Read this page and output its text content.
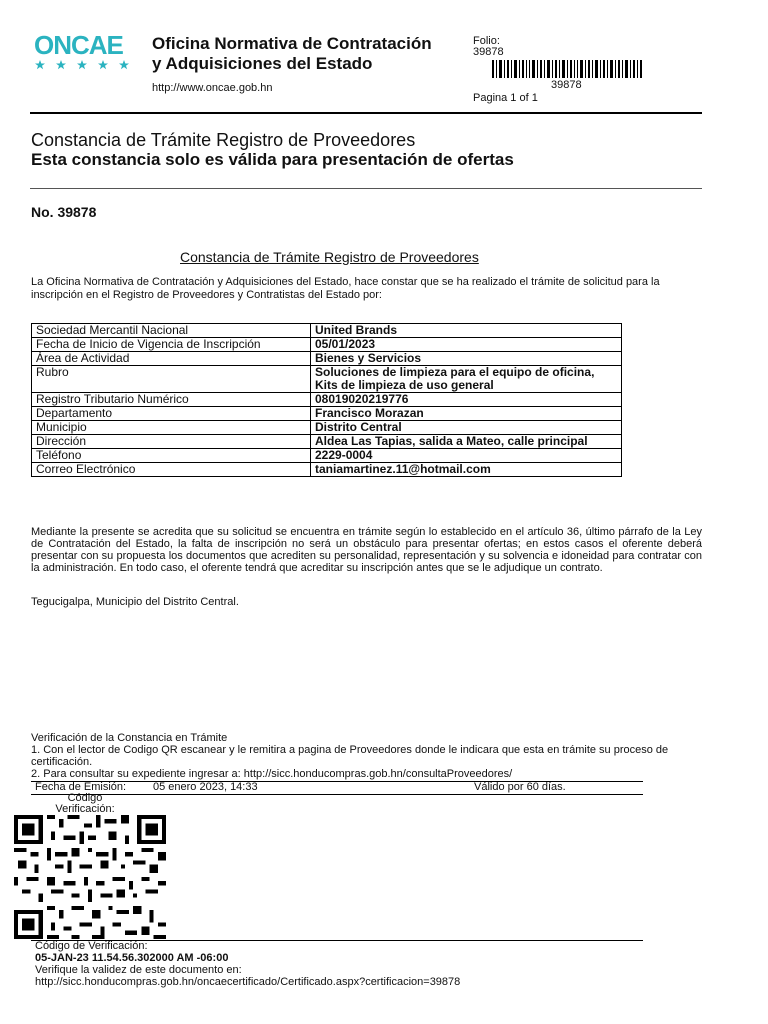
ONCAE Oficina Normativa de Contratación
y Adquisiciones del Estado
http://www.oncae.gob.hn
Folio:
39878
39878
Pagina 1 of 1
Constancia de Trámite Registro de Proveedores
Esta constancia solo es válida para presentación de ofertas
No. 39878
Constancia de Trámite Registro de Proveedores
La Oficina Normativa de Contratación y Adquisiciones del Estado, hace constar que se ha realizado el trámite de solicitud para la inscripción en el Registro de Proveedores y Contratistas del Estado por:
Sociedad Mercantil Nacional	United Brands
Fecha de Inicio de Vigencia de Inscripción	05/01/2023
Área de Actividad	Bienes y Servicios
Rubro	Soluciones de limpieza para el equipo de oficina, Kits de limpieza de uso general
Registro Tributario Numérico	08019020219776
Departamento	Francisco Morazan
Municipio	Distrito Central
Dirección	Aldea Las Tapias, salida a Mateo, calle principal
Teléfono	2229-0004
Correo Electrónico	taniamartinez.11@hotmail.com
Mediante la presente se acredita que su solicitud se encuentra en trámite según lo establecido en el artículo 36, último párrafo de la Ley de Contratación del Estado, la falta de inscripción no será un obstáculo para presentar ofertas; en estos casos el oferente deberá presentar con su propuesta los documentos que acrediten su personalidad, representación y su solvencia e idoneidad para contratar con la administración. En todo caso, el oferente tendrá que acreditar su inscripción antes que se le adjudique un contrato.
Tegucigalpa, Municipio del Distrito Central.
Verificación de la Constancia en Trámite
1. Con el lector de Codigo QR escanear y le remitira a pagina de Proveedores donde le indicara que esta en trámite su proceso de certificación.
2. Para consultar su expediente ingresar a: http://sicc.honducompras.gob.hn/consultaProveedores/
Fecha de Emisión: 05 enero 2023, 14:33	Válido por 60 días.
Código Verificación:
Código de Verificación:
05-JAN-23 11.54.56.302000 AM -06:00
Verifique la validez de este documento en:
http://sicc.honducompras.gob.hn/oncaecertificado/Certificado.aspx?certificacion=39878
